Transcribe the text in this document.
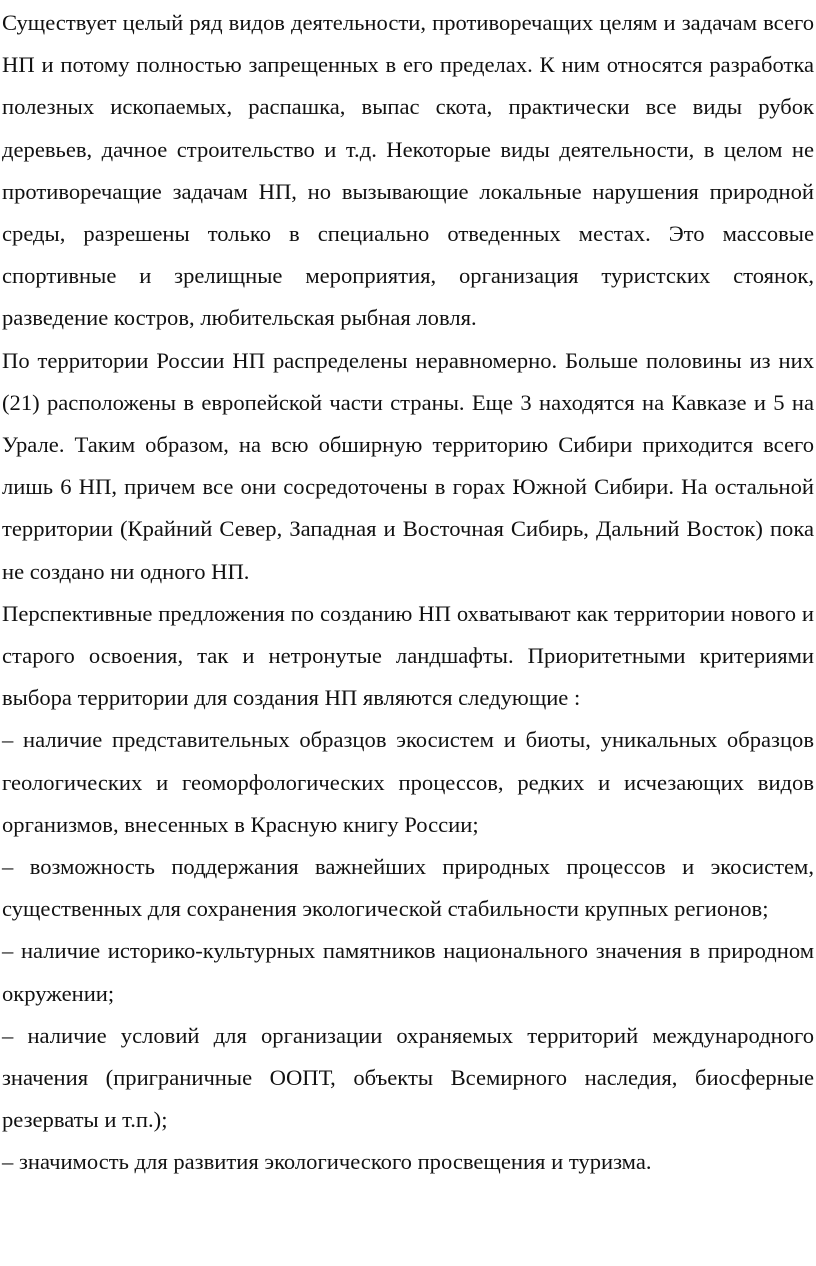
Существует целый ряд видов деятельности, противоречащих целям и задачам всего НП и потому полностью запрещенных в его пределах. К ним относятся разработка полезных ископаемых, распашка, выпас скота, практически все виды рубок деревьев, дачное строительство и т.д. Некоторые виды деятельности, в целом не противоречащие задачам НП, но вызывающие локальные нарушения природной среды, разрешены только в специально отведенных местах. Это массовые спортивные и зрелищные мероприятия, организация туристских стоянок, разведение костров, любительская рыбная ловля.

По территории России НП распределены неравномерно. Больше половины из них (21) расположены в европейской части страны. Еще 3 находятся на Кавказе и 5 на Урале. Таким образом, на всю обширную территорию Сибири приходится всего лишь 6 НП, причем все они сосредоточены в горах Южной Сибири. На остальной территории (Крайний Север, Западная и Восточная Сибирь, Дальний Восток) пока не создано ни одного НП.

Перспективные предложения по созданию НП охватывают как территории нового и старого освоения, так и нетронутые ландшафты. Приоритетными критериями выбора территории для создания НП являются следующие :

– наличие представительных образцов экосистем и биоты, уникальных образцов геологических и геоморфологических процессов, редких и исчезающих видов организмов, внесенных в Красную книгу России;

– возможность поддержания важнейших природных процессов и экосистем, существенных для сохранения экологической стабильности крупных регионов;

– наличие историко-культурных памятников национального значения в природном окружении;

– наличие условий для организации охраняемых территорий международного значения (приграничные ООПТ, объекты Всемирного наследия, биосферные резерваты и т.п.);

– значимость для развития экологического просвещения и туризма.
